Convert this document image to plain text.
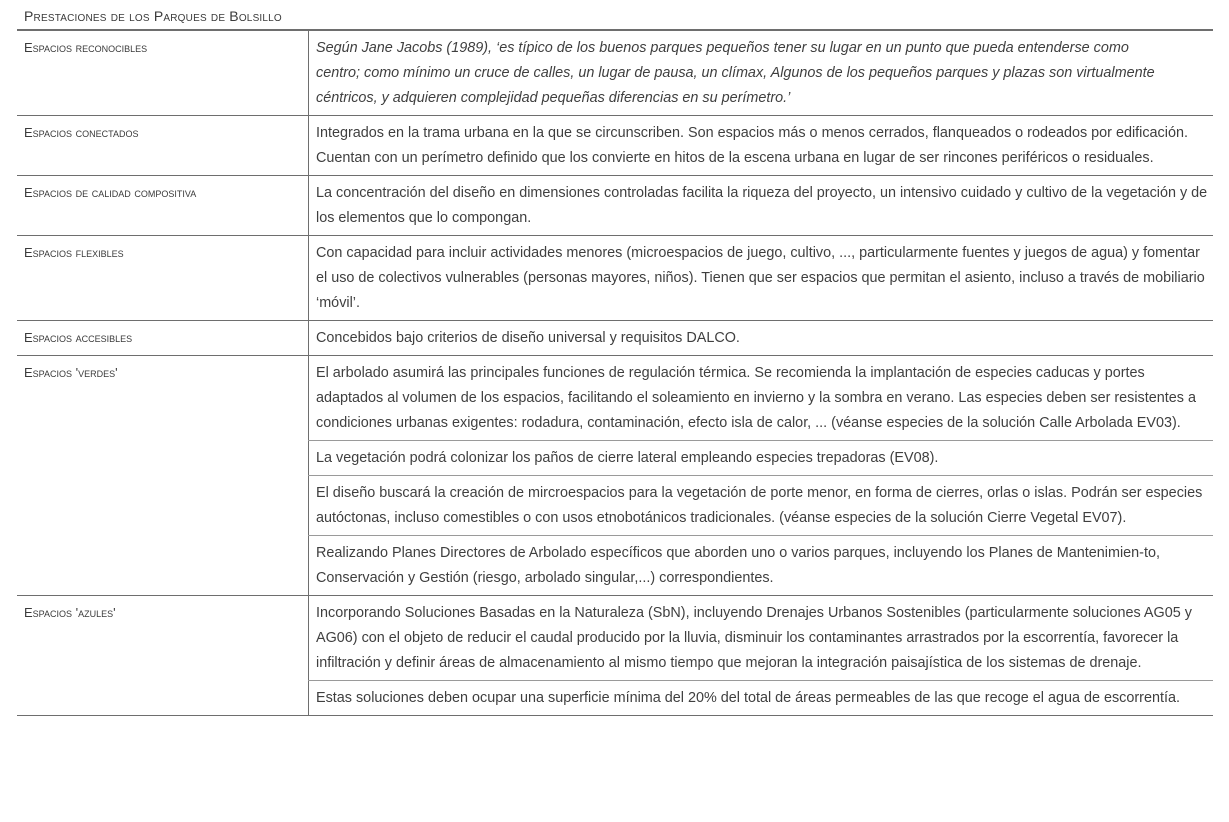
Prestaciones de los Parques de Bolsillo
Espacios reconocibles	Según Jane Jacobs (1989), ‘es típico de los buenos parques pequeños tener su lugar en un punto que pueda entenderse como centro; como mínimo un cruce de calles, un lugar de pausa, un clímax, Algunos de los pequeños parques y plazas son virtualmente céntricos, y adquieren complejidad pequeñas diferencias en su perímetro.’

Espacios conectados	Integrados en la trama urbana en la que se circunscriben. Son espacios más o menos cerrados, flanqueados o rodeados por edificación. Cuentan con un perímetro definido que los convierte en hitos de la escena urbana en lugar de ser rincones periféricos o residuales.

Espacios de calidad compositiva	La concentración del diseño en dimensiones controladas facilita la riqueza del proyecto, un intensivo cuidado y cultivo de la vegetación y de los elementos que lo compongan.

Espacios flexibles	Con capacidad para incluir actividades menores (microespacios de juego, cultivo, ..., particularmente fuentes y juegos de agua) y fomentar el uso de colectivos vulnerables (personas mayores, niños). Tienen que ser espacios que permitan el asiento, incluso a través de mobiliario ‘móvil’.

Espacios accesibles	Concebidos bajo criterios de diseño universal y requisitos DALCO.

Espacios 'verdes'	El arbolado asumirá las principales funciones de regulación térmica. Se recomienda la implantación de especies caducas y portes adaptados al volumen de los espacios, facilitando el soleamiento en invierno y la sombra en verano. Las especies deben ser resistentes a condiciones urbanas exigentes: rodadura, contaminación, efecto isla de calor, ... (véanse especies de la solución Calle Arbolada EV03).

	La vegetación podrá colonizar los paños de cierre lateral empleando especies trepadoras (EV08).

	El diseño buscará la creación de mircroespacios para la vegetación de porte menor, en forma de cierres, orlas o islas. Podrán ser especies autóctonas, incluso comestibles o con usos etnobotánicos tradicionales. (véanse especies de la solución Cierre Vegetal EV07).

	Realizando Planes Directores de Arbolado específicos que aborden uno o varios parques, incluyendo los Planes de Mantenimien-to, Conservación y Gestión (riesgo, arbolado singular,...) correspondientes.

Espacios 'azules'	Incorporando Soluciones Basadas en la Naturaleza (SbN), incluyendo Drenajes Urbanos Sostenibles (particularmente soluciones AG05 y AG06) con el objeto de reducir el caudal producido por la lluvia, disminuir los contaminantes arrastrados por la escorrentía, favorecer la infiltración y definir áreas de almacenamiento al mismo tiempo que mejoran la integración paisajística de los sistemas de drenaje.

	Estas soluciones deben ocupar una superficie mínima del 20% del total de áreas permeables de las que recoge el agua de escorrentía.
